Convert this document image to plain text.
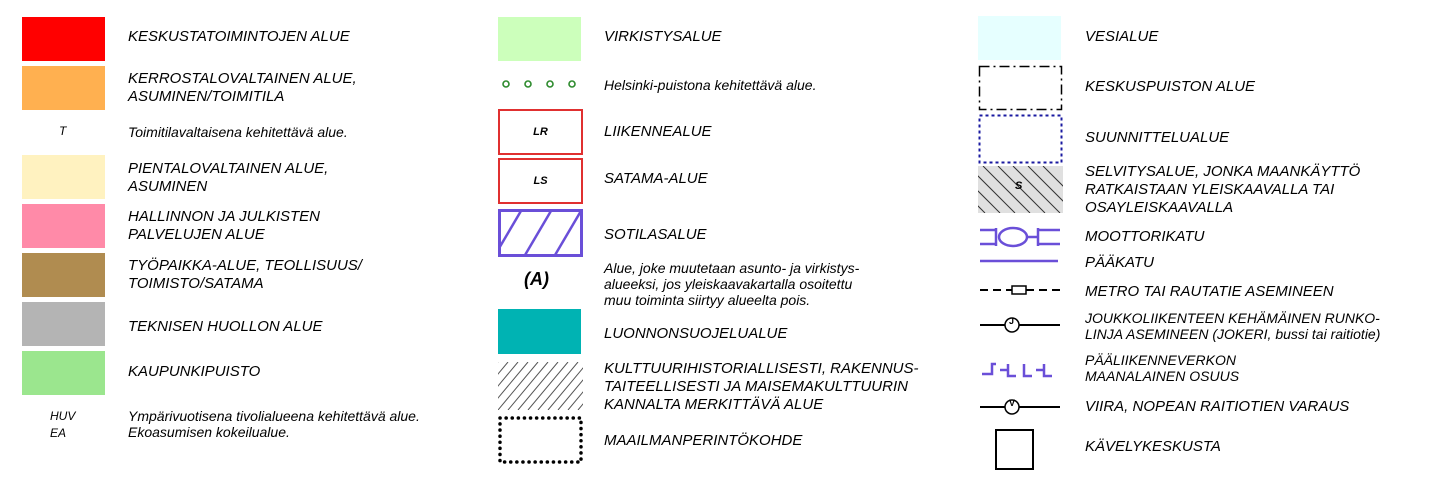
KESKUSTATOIMINTOJEN ALUE
KERROSTALOVALTAINEN ALUE,
ASUMINEN/TOIMITILA
T	Toimitilavaltaisena kehitettävä alue.
PIENTALOVALTAINEN ALUE,
ASUMINEN
HALLINNON JA JULKISTEN
PALVELUJEN ALUE
TYÖPAIKKA-ALUE, TEOLLISUUS/
TOIMISTO/SATAMA
TEKNISEN HUOLLON ALUE
KAUPUNKIPUISTO
HUV
EA
Ympärivuotisena tivolialueena kehitettävä alue.
Ekoasumisen kokeilualue.
VIRKISTYSALUE
Helsinki-puistona kehitettävä alue.
LR	LIIKENNEALUE
LS	SATAMA-ALUE
SOTILASALUE
(A)
Alue, joke muutetaan asunto- ja virkistys-
alueeksi, jos yleiskaavakartalla osoitettu
muu toiminta siirtyy alueelta pois.
LUONNONSUOJELUALUE
KULTTUURIHISTORIALLISESTI, RAKENNUS-
TAITEELLISESTI JA MAISEMAKULTTUURIN
KANNALTA MERKITTÄVÄ ALUE
MAAILMANPERINTÖKOHDE
VESIALUE
KESKUSPUISTON ALUE
SUUNNITTELUALUE
S
SELVITYSALUE, JONKA MAANKÄYTTÖ
RATKAISTAAN YLEISKAAVALLA TAI
OSAYLEISKAAVALLA
MOOTTORIKATU
PÄÄKATU
METRO TAI RAUTATIE ASEMINEEN
J	JOUKKOLIIKENTEEN KEHÄMÄINEN RUNKO-
LINJA ASEMINEEN (JOKERI, bussi tai raitiotie)
PÄÄLIIKENNEVERKON
MAANALAINEN OSUUS
V	VIIRA, NOPEAN RAITIOTIEN VARAUS
KÄVELYKESKUSTA
